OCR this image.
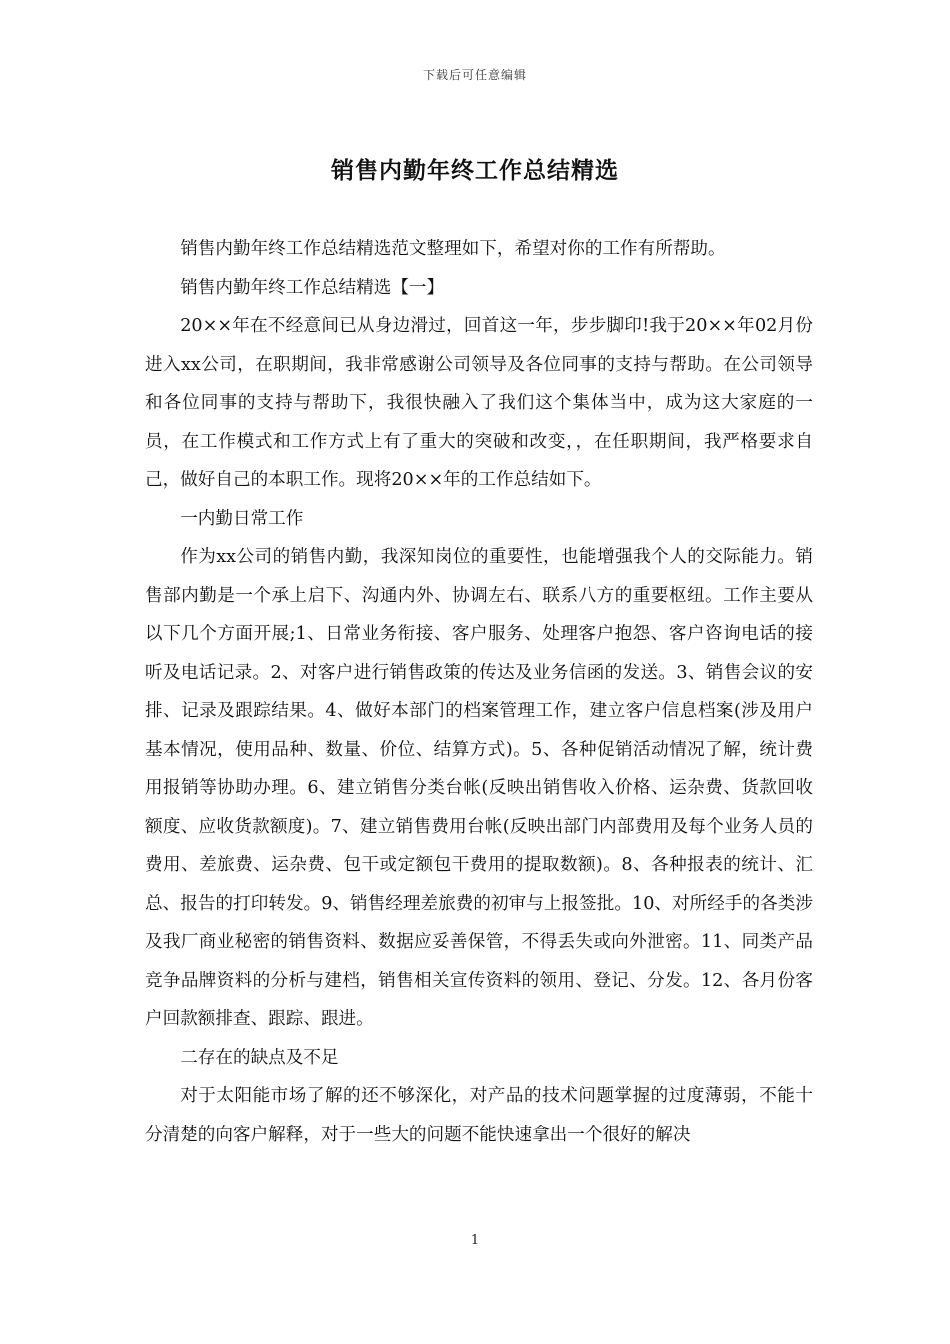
下载后可任意编辑
销售内勤年终工作总结精选

销售内勤年终工作总结精选范文整理如下，希望对你的工作有所帮助。

销售内勤年终工作总结精选【一】

20××年在不经意间已从身边滑过，回首这一年，步步脚印!我于20××年02月份进入xx公司，在职期间，我非常感谢公司领导及各位同事的支持与帮助。在公司领导和各位同事的支持与帮助下，我很快融入了我们这个集体当中，成为这大家庭的一员，在工作模式和工作方式上有了重大的突破和改变，，在任职期间，我严格要求自己，做好自己的本职工作。现将20××年的工作总结如下。

一内勤日常工作

作为xx公司的销售内勤，我深知岗位的重要性，也能增强我个人的交际能力。销售部内勤是一个承上启下、沟通内外、协调左右、联系八方的重要枢纽。工作主要从以下几个方面开展;1、日常业务衔接、客户服务、处理客户抱怨、客户咨询电话的接听及电话记录。2、对客户进行销售政策的传达及业务信函的发送。3、销售会议的安排、记录及跟踪结果。4、做好本部门的档案管理工作，建立客户信息档案(涉及用户基本情况，使用品种、数量、价位、结算方式)。5、各种促销活动情况了解，统计费用报销等协助办理。6、建立销售分类台帐(反映出销售收入价格、运杂费、货款回收额度、应收货款额度)。7、建立销售费用台帐(反映出部门内部费用及每个业务人员的费用、差旅费、运杂费、包干或定额包干费用的提取数额)。8、各种报表的统计、汇总、报告的打印转发。9、销售经理差旅费的初审与上报签批。10、对所经手的各类涉及我厂商业秘密的销售资料、数据应妥善保管，不得丢失或向外泄密。11、同类产品竞争品牌资料的分析与建档，销售相关宣传资料的领用、登记、分发。12、各月份客户回款额排查、跟踪、跟进。

二存在的缺点及不足

对于太阳能市场了解的还不够深化，对产品的技术问题掌握的过度薄弱，不能十分清楚的向客户解释，对于一些大的问题不能快速拿出一个很好的解决

1
